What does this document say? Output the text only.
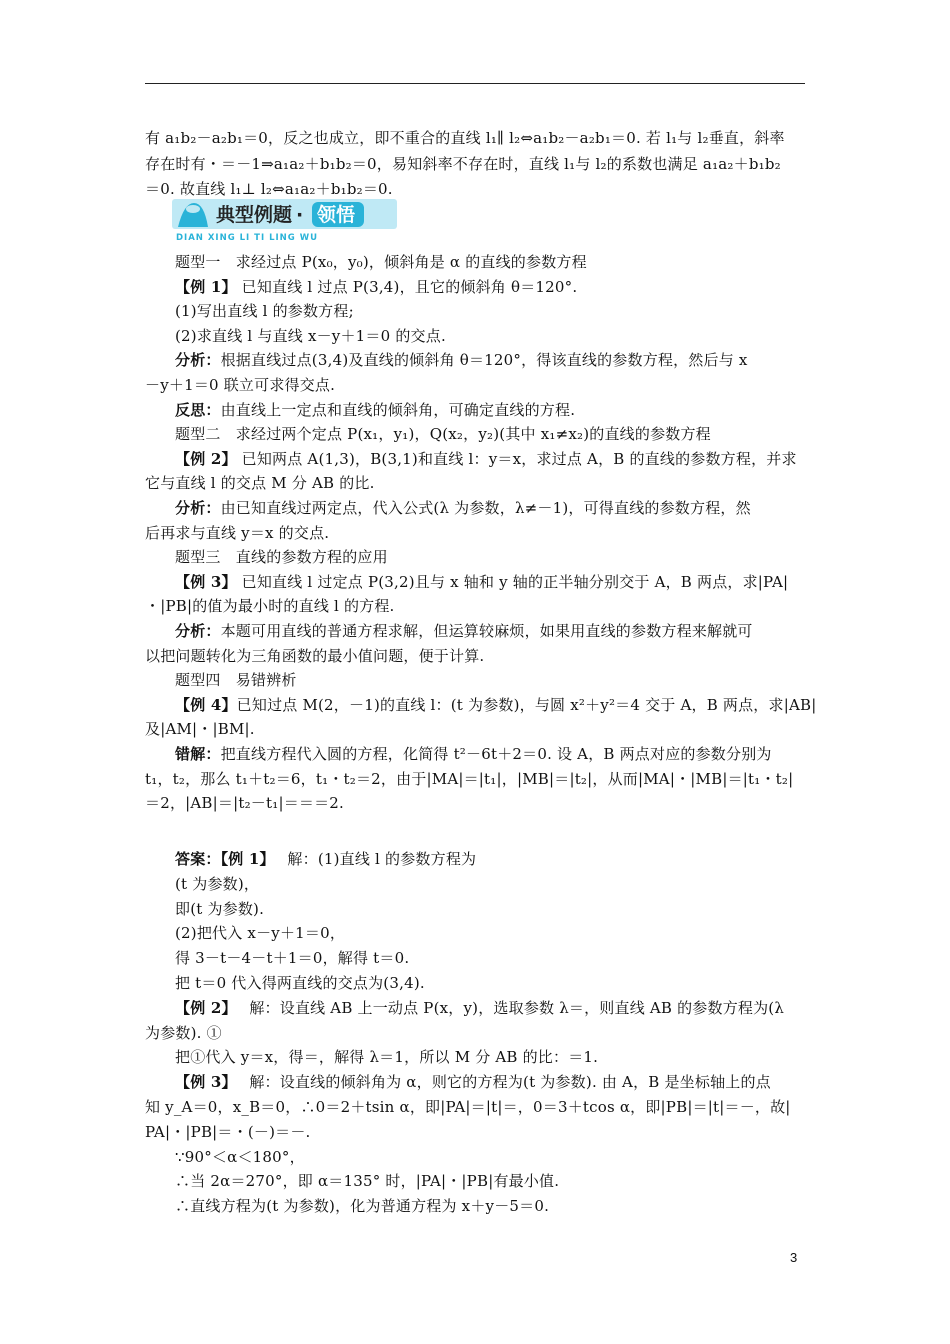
有 a₁b₂－a₂b₁＝0，反之也成立，即不重合的直线 l₁∥ l₂⇔a₁b₂－a₂b₁＝0. 若 l₁与 l₂垂直，斜率
存在时有・＝－1⇒a₁a₂＋b₁b₂＝0，易知斜率不存在时，直线 l₁与 l₂的系数也满足 a₁a₂＋b₁b₂
＝0. 故直线 l₁⊥ l₂⇔a₁a₂＋b₁b₂＝0.
典型例题 · 领悟
DIAN XING LI TI LING WU
题型一　求经过点 P(x₀，y₀)，倾斜角是 α 的直线的参数方程
【例 1】 已知直线 l 过点 P(3,4)，且它的倾斜角 θ＝120°.
(1)写出直线 l 的参数方程;
(2)求直线 l 与直线 x－y＋1＝0 的交点.
分析：根据直线过点(3,4)及直线的倾斜角 θ＝120°，得该直线的参数方程，然后与 x
－y＋1＝0 联立可求得交点.
反思：由直线上一定点和直线的倾斜角，可确定直线的方程.
题型二　求经过两个定点 P(x₁，y₁)，Q(x₂，y₂)(其中 x₁≠x₂)的直线的参数方程
【例 2】 已知两点 A(1,3)，B(3,1)和直线 l：y＝x，求过点 A，B 的直线的参数方程，并求
它与直线 l 的交点 M 分 AB 的比.
分析：由已知直线过两定点，代入公式(λ 为参数，λ≠－1)，可得直线的参数方程，然
后再求与直线 y＝x 的交点.
题型三　直线的参数方程的应用
【例 3】 已知直线 l 过定点 P(3,2)且与 x 轴和 y 轴的正半轴分别交于 A，B 两点，求|PA|
・|PB|的值为最小时的直线 l 的方程.
分析：本题可用直线的普通方程求解，但运算较麻烦，如果用直线的参数方程来解就可
以把问题转化为三角函数的最小值问题，便于计算.
题型四　易错辨析
【例 4】已知过点 M(2，－1)的直线 l：(t 为参数)，与圆 x²＋y²＝4 交于 A，B 两点，求|AB|
及|AM|・|BM|.
错解：把直线方程代入圆的方程，化简得 t²－6t＋2＝0. 设 A，B 两点对应的参数分别为
t₁，t₂，那么 t₁＋t₂＝6，t₁・t₂＝2，由于|MA|＝|t₁|，|MB|＝|t₂|，从而|MA|・|MB|＝|t₁・t₂|
＝2，|AB|＝|t₂－t₁|＝＝＝2.
答案：【例 1】　 解：(1)直线 l 的参数方程为
(t 为参数)，
即(t 为参数).
(2)把代入 x－y＋1＝0，
得 3－t－4－t＋1＝0，解得 t＝0.
把 t＝0 代入得两直线的交点为(3,4).
【例 2】　 解：设直线 AB 上一动点 P(x，y)，选取参数 λ＝，则直线 AB 的参数方程为(λ
为参数). ①
把①代入 y＝x，得＝，解得 λ＝1，所以 M 分 AB 的比：＝1.
【例 3】　 解：设直线的倾斜角为 α，则它的方程为(t 为参数). 由 A，B 是坐标轴上的点
知 y_A＝0，x_B＝0，∴0＝2＋tsin α，即|PA|＝|t|＝，0＝3＋tcos α，即|PB|＝|t|＝－，故|
PA|・|PB|＝・(－)＝－.
∵90°＜α＜180°，
∴当 2α＝270°，即 α＝135° 时，|PA|・|PB|有最小值.
∴直线方程为(t 为参数)，化为普通方程为 x＋y－5＝0.
3
